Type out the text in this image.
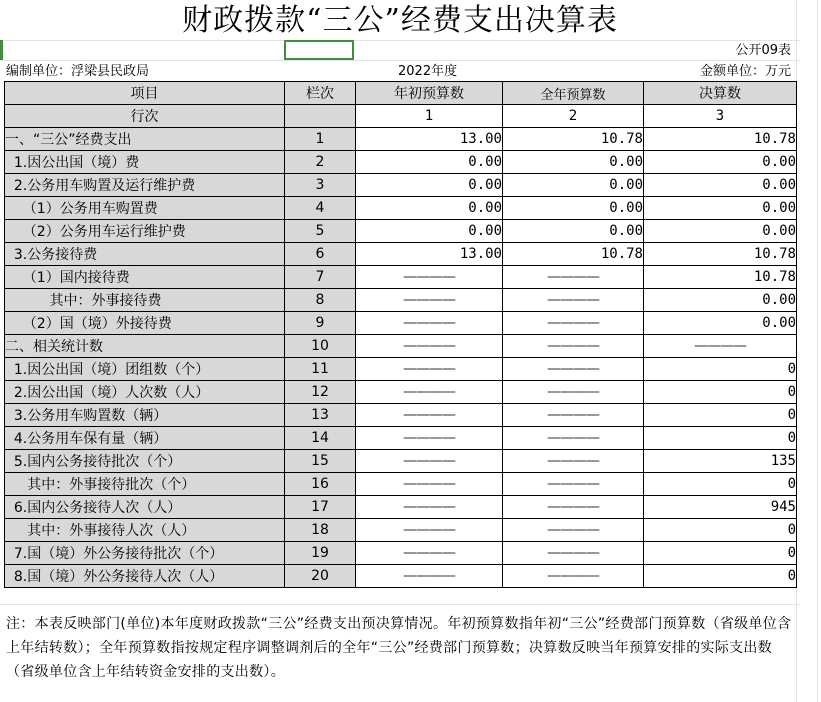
财政拨款“三公”经费支出决算表
公开09表
编制单位：浮梁县民政局	2022年度	金额单位：万元
项目	栏次	年初预算数	全年预算数	决算数
行次		1	2	3
一、“三公”经费支出	1	13.00	10.78	10.78
1.因公出国（境）费	2	0.00	0.00	0.00
2.公务用车购置及运行维护费	3	0.00	0.00	0.00
（1）公务用车购置费	4	0.00	0.00	0.00
（2）公务用车运行维护费	5	0.00	0.00	0.00
3.公务接待费	6	13.00	10.78	10.78
（1）国内接待费	7	————	————	10.78
其中：外事接待费	8	————	————	0.00
（2）国（境）外接待费	9	————	————	0.00
二、相关统计数	10	————	————	————
1.因公出国（境）团组数（个）	11	————	————	0
2.因公出国（境）人次数（人）	12	————	————	0
3.公务用车购置数（辆）	13	————	————	0
4.公务用车保有量（辆）	14	————	————	0
5.国内公务接待批次（个）	15	————	————	135
其中：外事接待批次（个）	16	————	————	0
6.国内公务接待人次（人）	17	————	————	945
其中：外事接待人次（人）	18	————	————	0
7.国（境）外公务接待批次（个）	19	————	————	0
8.国（境）外公务接待人次（人）	20	————	————	0
注：本表反映部门(单位)本年度财政拨款“三公”经费支出预决算情况。年初预算数指年初“三公”经费部门预算数（省级单位含上年结转数）；全年预算数指按规定程序调整调剂后的全年“三公”经费部门预算数；决算数反映当年预算安排的实际支出数（省级单位含上年结转资金安排的支出数）。
